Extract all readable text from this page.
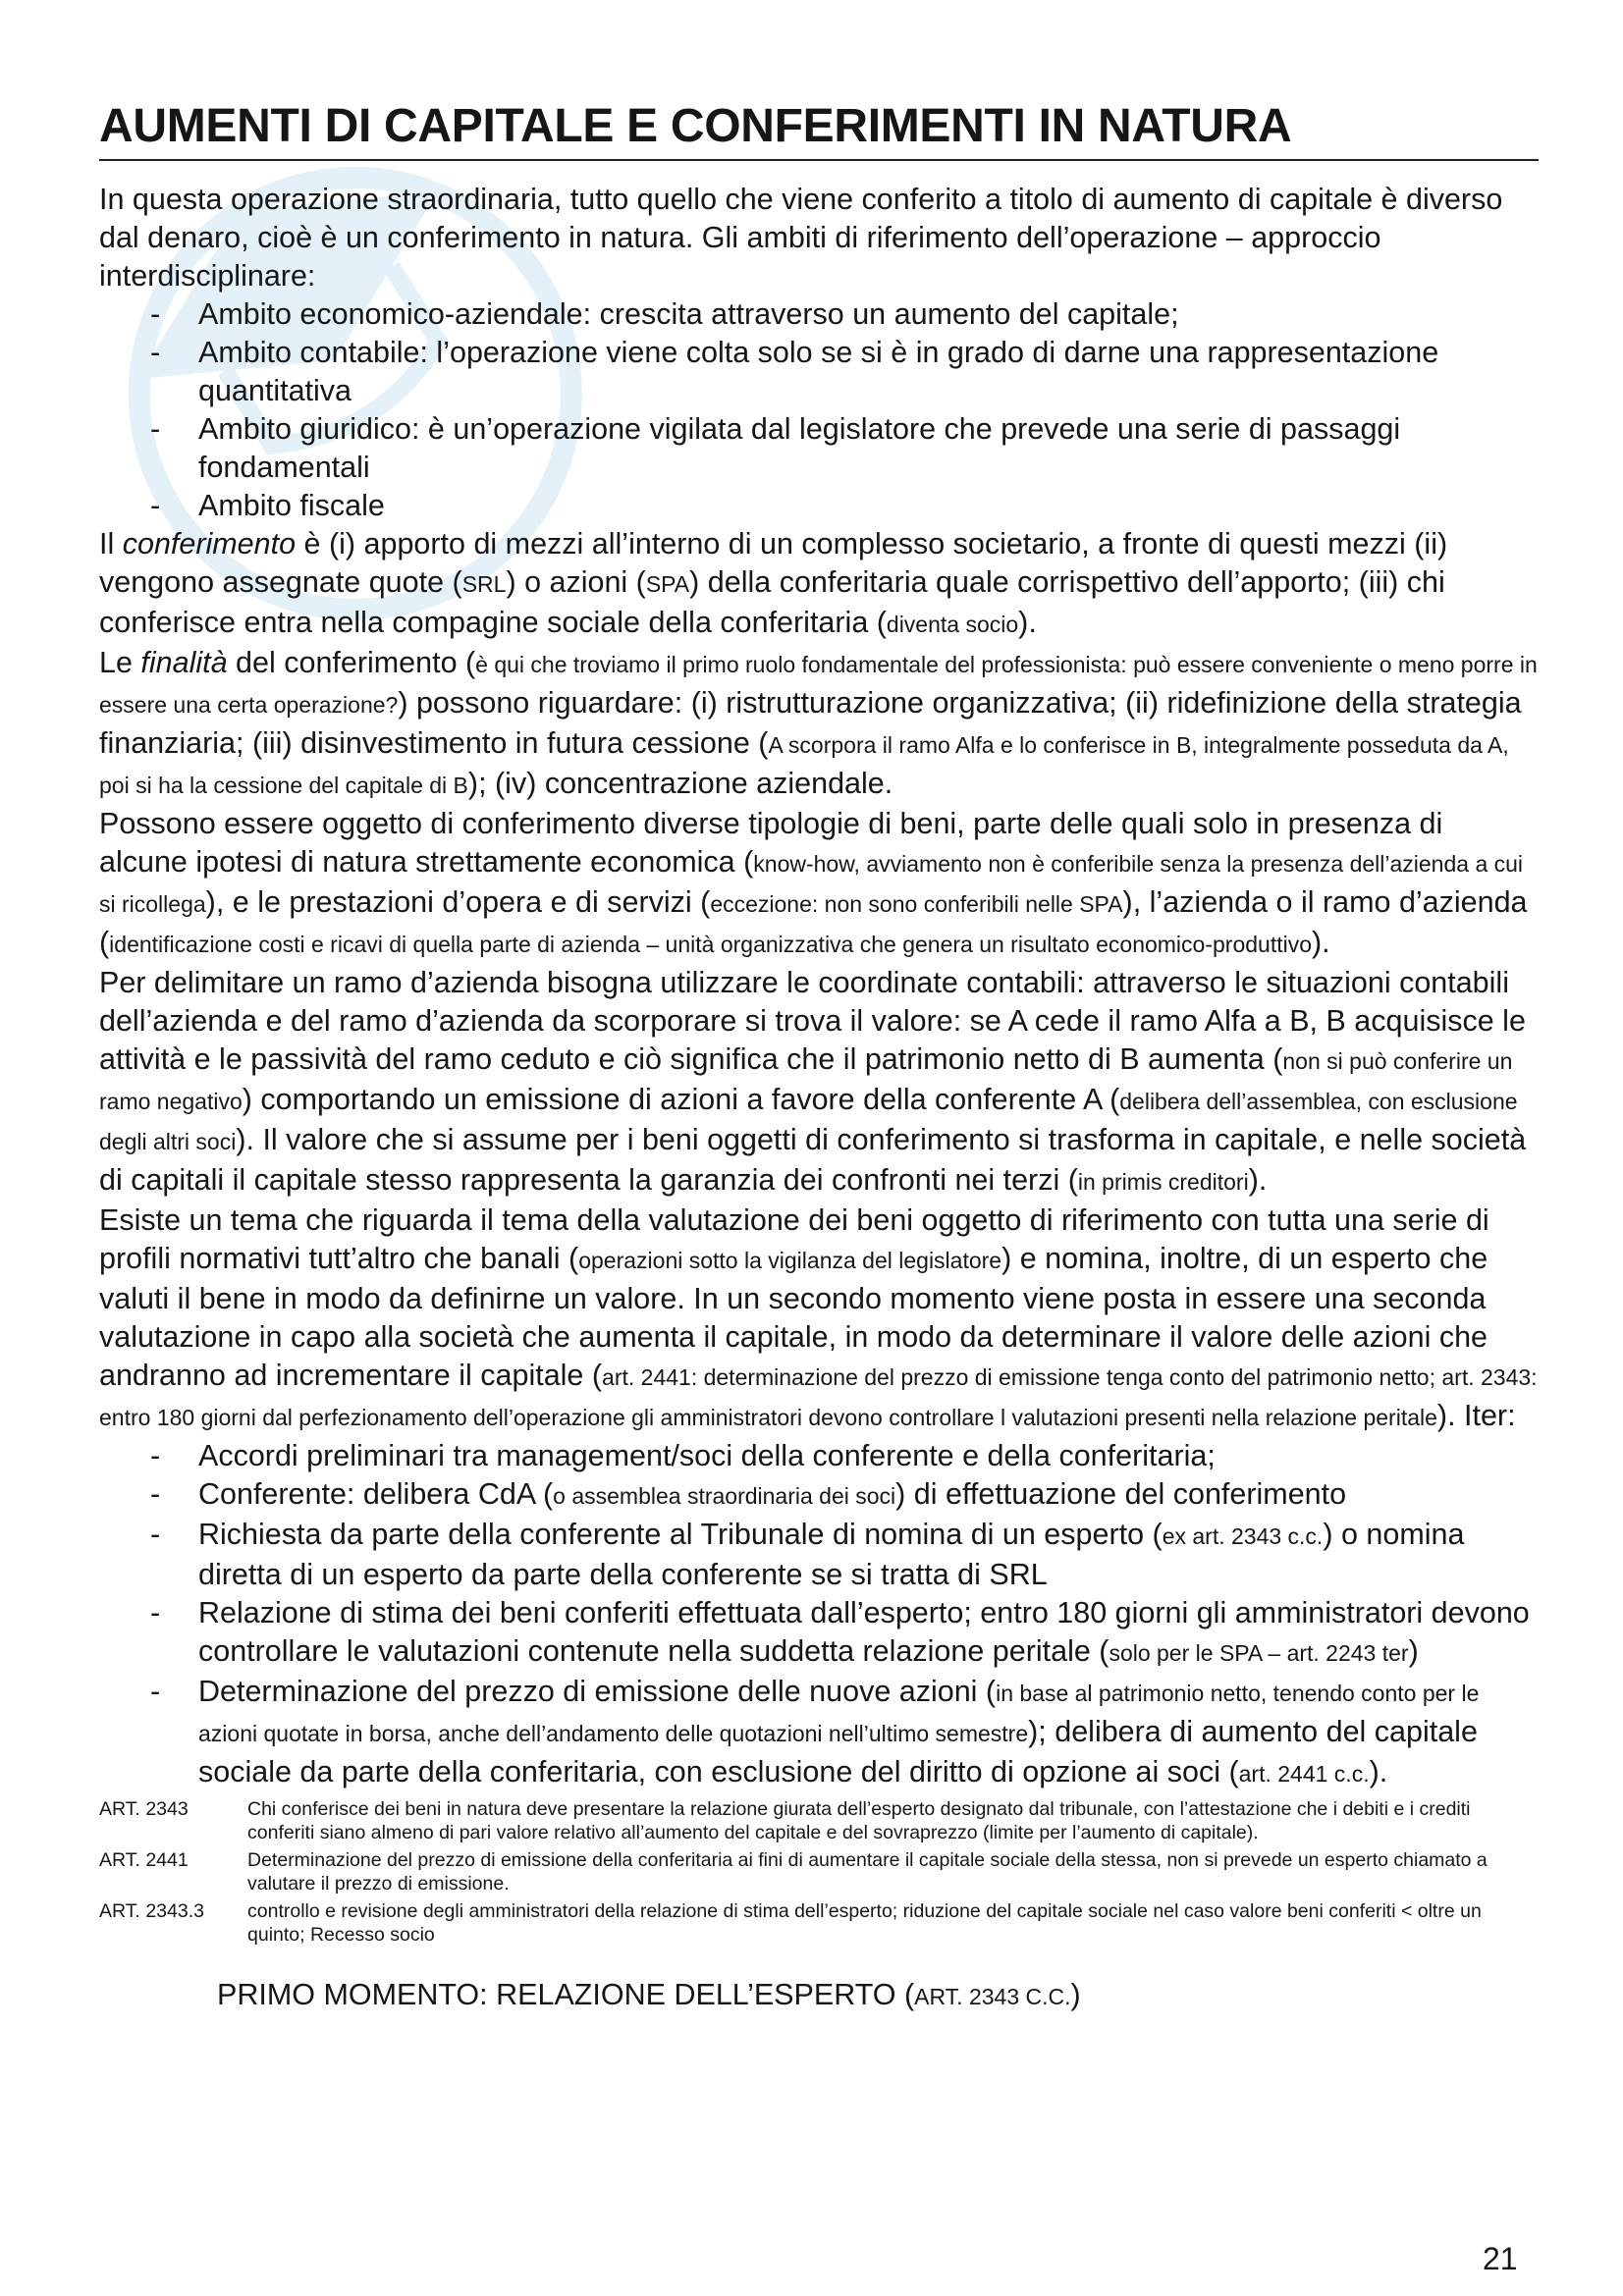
AUMENTI DI CAPITALE E CONFERIMENTI IN NATURA

In questa operazione straordinaria, tutto quello che viene conferito a titolo di aumento di capitale è diverso dal denaro, cioè è un conferimento in natura. Gli ambiti di riferimento dell’operazione – approccio interdisciplinare:

- Ambito economico-aziendale: crescita attraverso un aumento del capitale;
- Ambito contabile: l’operazione viene colta solo se si è in grado di darne una rappresentazione quantitativa
- Ambito giuridico: è un’operazione vigilata dal legislatore che prevede una serie di passaggi fondamentali
- Ambito fiscale

Il conferimento è (i) apporto di mezzi all’interno di un complesso societario, a fronte di questi mezzi (ii) vengono assegnate quote (SRL) o azioni (SPA) della conferitaria quale corrispettivo dell’apporto; (iii) chi conferisce entra nella compagine sociale della conferitaria (diventa socio).

Le finalità del conferimento (è qui che troviamo il primo ruolo fondamentale del professionista: può essere conveniente o meno porre in essere una certa operazione?) possono riguardare: (i) ristrutturazione organizzativa; (ii) ridefinizione della strategia finanziaria; (iii) disinvestimento in futura cessione (A scorpora il ramo Alfa e lo conferisce in B, integralmente posseduta da A, poi si ha la cessione del capitale di B); (iv) concentrazione aziendale.

Possono essere oggetto di conferimento diverse tipologie di beni, parte delle quali solo in presenza di alcune ipotesi di natura strettamente economica (know-how, avviamento non è conferibile senza la presenza dell’azienda a cui si ricollega), e le prestazioni d’opera e di servizi (eccezione: non sono conferibili nelle SPA), l’azienda o il ramo d’azienda (identificazione costi e ricavi di quella parte di azienda – unità organizzativa che genera un risultato economico-produttivo).

Per delimitare un ramo d’azienda bisogna utilizzare le coordinate contabili: attraverso le situazioni contabili dell’azienda e del ramo d’azienda da scorporare si trova il valore: se A cede il ramo Alfa a B, B acquisisce le attività e le passività del ramo ceduto e ciò significa che il patrimonio netto di B aumenta (non si può conferire un ramo negativo) comportando un emissione di azioni a favore della conferente A (delibera dell’assemblea, con esclusione degli altri soci). Il valore che si assume per i beni oggetti di conferimento si trasforma in capitale, e nelle società di capitali il capitale stesso rappresenta la garanzia dei confronti nei terzi (in primis creditori).

Esiste un tema che riguarda il tema della valutazione dei beni oggetto di riferimento con tutta una serie di profili normativi tutt’altro che banali (operazioni sotto la vigilanza del legislatore) e nomina, inoltre, di un esperto che valuti il bene in modo da definirne un valore. In un secondo momento viene posta in essere una seconda valutazione in capo alla società che aumenta il capitale, in modo da determinare il valore delle azioni che andranno ad incrementare il capitale (art. 2441: determinazione del prezzo di emissione tenga conto del patrimonio netto; art. 2343: entro 180 giorni dal perfezionamento dell’operazione gli amministratori devono controllare l valutazioni presenti nella relazione peritale). Iter:

- Accordi preliminari tra management/soci della conferente e della conferitaria;
- Conferente: delibera CdA (o assemblea straordinaria dei soci) di effettuazione del conferimento
- Richiesta da parte della conferente al Tribunale di nomina di un esperto (ex art. 2343 c.c.) o nomina diretta di un esperto da parte della conferente se si tratta di SRL
- Relazione di stima dei beni conferiti effettuata dall’esperto; entro 180 giorni gli amministratori devono controllare le valutazioni contenute nella suddetta relazione peritale (solo per le SPA – art. 2243 ter)
- Determinazione del prezzo di emissione delle nuove azioni (in base al patrimonio netto, tenendo conto per le azioni quotate in borsa, anche dell’andamento delle quotazioni nell’ultimo semestre); delibera di aumento del capitale sociale da parte della conferitaria, con esclusione del diritto di opzione ai soci (art. 2441 c.c.).
ART. 2343	Chi conferisce dei beni in natura deve presentare la relazione giurata dell’esperto designato dal tribunale, con l’attestazione che i debiti e i crediti conferiti siano almeno di pari valore relativo all’aumento del capitale e del sovraprezzo (limite per l’aumento di capitale).
ART. 2441	Determinazione del prezzo di emissione della conferitaria ai fini di aumentare il capitale sociale della stessa, non si prevede un esperto chiamato a valutare il prezzo di emissione.
ART. 2343.3	controllo e revisione degli amministratori della relazione di stima dell’esperto; riduzione del capitale sociale nel caso valore beni conferiti < oltre un quinto; Recesso socio
PRIMO MOMENTO: RELAZIONE DELL’ESPERTO (ART. 2343 C.C.)
21
